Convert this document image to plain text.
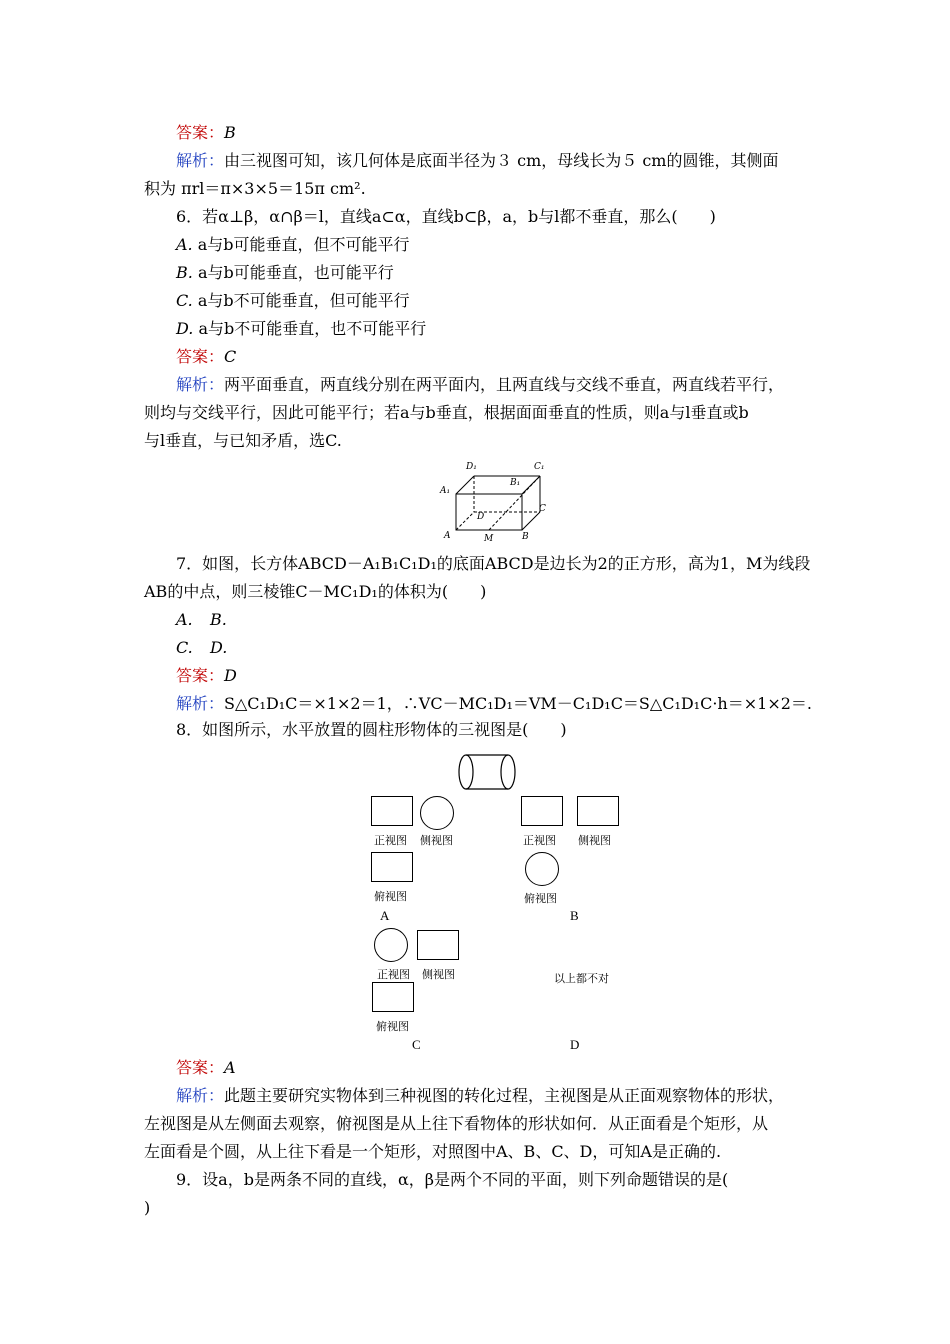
答案：B
解析：由三视图可知，该几何体是底面半径为３ cm，母线长为５ cm的圆锥，其侧面
积为 πrl＝π×3×5＝15π cm².
6．若α⊥β，α∩β＝l，直线a⊂α，直线b⊂β，a，b与l都不垂直，那么(　　)
A. a与b可能垂直，但不可能平行
B. a与b可能垂直，也可能平行
C. a与b不可能垂直，但可能平行
D. a与b不可能垂直，也不可能平行
答案：C
解析：两平面垂直，两直线分别在两平面内，且两直线与交线不垂直，两直线若平行，
则均与交线平行，因此可能平行；若a与b垂直，根据面面垂直的性质，则a与l垂直或b
与l垂直，与已知矛盾，选C.
D₁	C₁
A₁
B₁
D
C
A	M	B
7．如图，长方体ABCD－A₁B₁C₁D₁的底面ABCD是边长为2的正方形，高为1，M为线段
AB的中点，则三棱锥C－MC₁D₁的体积为(　　)
A. B.
C. D.
答案：D
解析：S△C₁D₁C＝×1×2＝1，∴VC－MC₁D₁＝VM－C₁D₁C＝S△C₁D₁C·h＝×1×2＝.
8．如图所示，水平放置的圆柱形物体的三视图是(　　)
正视图 侧视图
俯视图
A
正视图 侧视图
俯视图
B
正视图 侧视图
俯视图
C
以上都不对
D
答案：A
解析：此题主要研究实物体到三种视图的转化过程，主视图是从正面观察物体的形状，
左视图是从左侧面去观察，俯视图是从上往下看物体的形状如何．从正面看是个矩形，从
左面看是个圆，从上往下看是一个矩形，对照图中A、B、C、D，可知A是正确的.
9．设a，b是两条不同的直线，α，β是两个不同的平面，则下列命题错误的是(
)
